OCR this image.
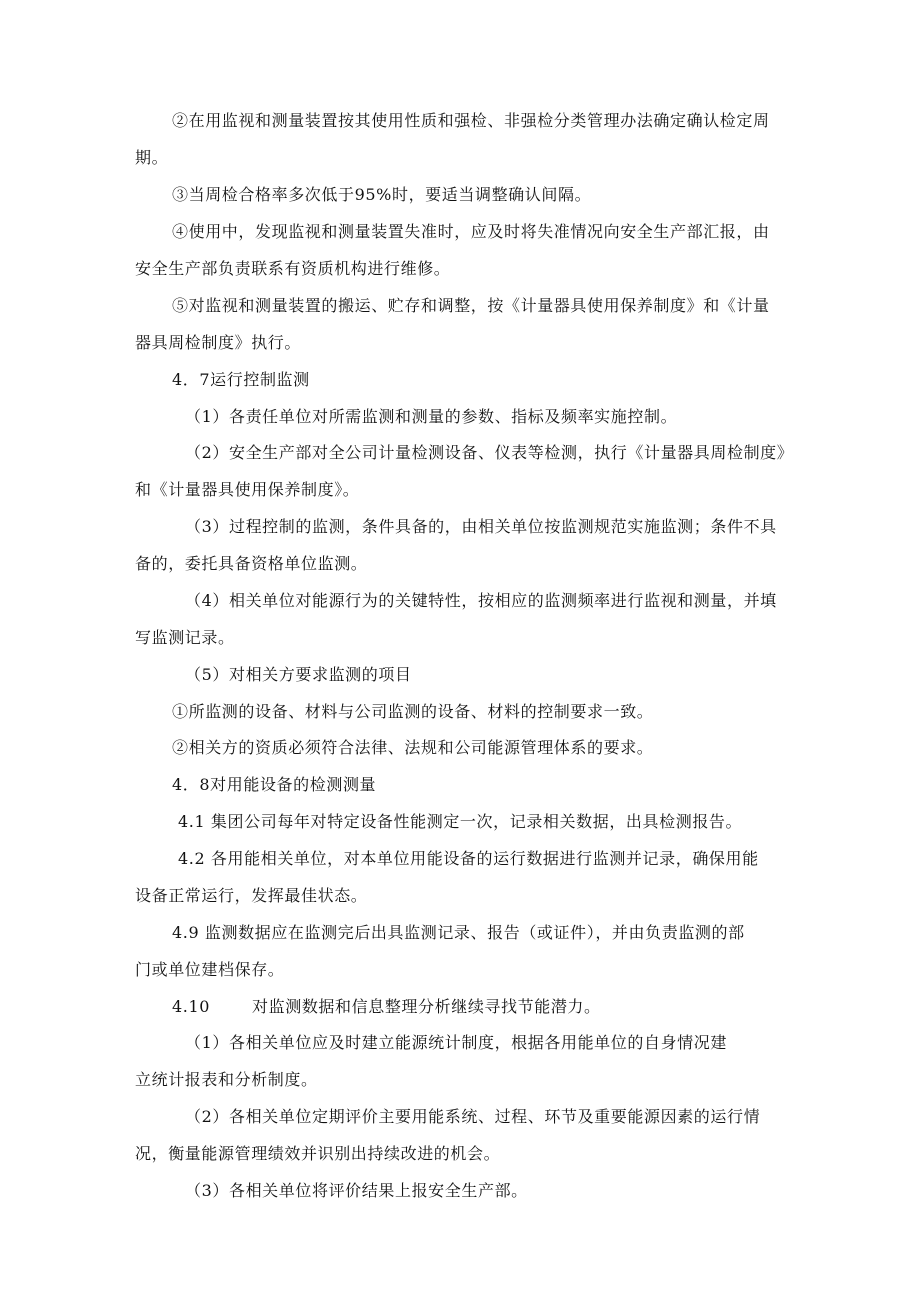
②在用监视和测量装置按其使用性质和强检、非强检分类管理办法确定确认检定周
期。
③当周检合格率多次低于95%时，要适当调整确认间隔。
④使用中，发现监视和测量装置失准时，应及时将失准情况向安全生产部汇报，由
安全生产部负责联系有资质机构进行维修。
⑤对监视和测量装置的搬运、贮存和调整，按《计量器具使用保养制度》和《计量
器具周检制度》执行。
4．7运行控制监测
（1）各责任单位对所需监测和测量的参数、指标及频率实施控制。
（2）安全生产部对全公司计量检测设备、仪表等检测，执行《计量器具周检制度》
和《计量器具使用保养制度》。
（3）过程控制的监测，条件具备的，由相关单位按监测规范实施监测；条件不具
备的，委托具备资格单位监测。
（4）相关单位对能源行为的关键特性，按相应的监测频率进行监视和测量，并填
写监测记录。
（5）对相关方要求监测的项目
①所监测的设备、材料与公司监测的设备、材料的控制要求一致。
②相关方的资质必须符合法律、法规和公司能源管理体系的要求。
4．8对用能设备的检测测量
4.1 集团公司每年对特定设备性能测定一次，记录相关数据，出具检测报告。
4.2 各用能相关单位，对本单位用能设备的运行数据进行监测并记录，确保用能
设备正常运行，发挥最佳状态。
4.9 监测数据应在监测完后出具监测记录、报告（或证件），并由负责监测的部
门或单位建档保存。
4.10	对监测数据和信息整理分析继续寻找节能潜力。
（1）各相关单位应及时建立能源统计制度，根据各用能单位的自身情况建
立统计报表和分析制度。
（2）各相关单位定期评价主要用能系统、过程、环节及重要能源因素的运行情
况，衡量能源管理绩效并识别出持续改进的机会。
（3）各相关单位将评价结果上报安全生产部。
